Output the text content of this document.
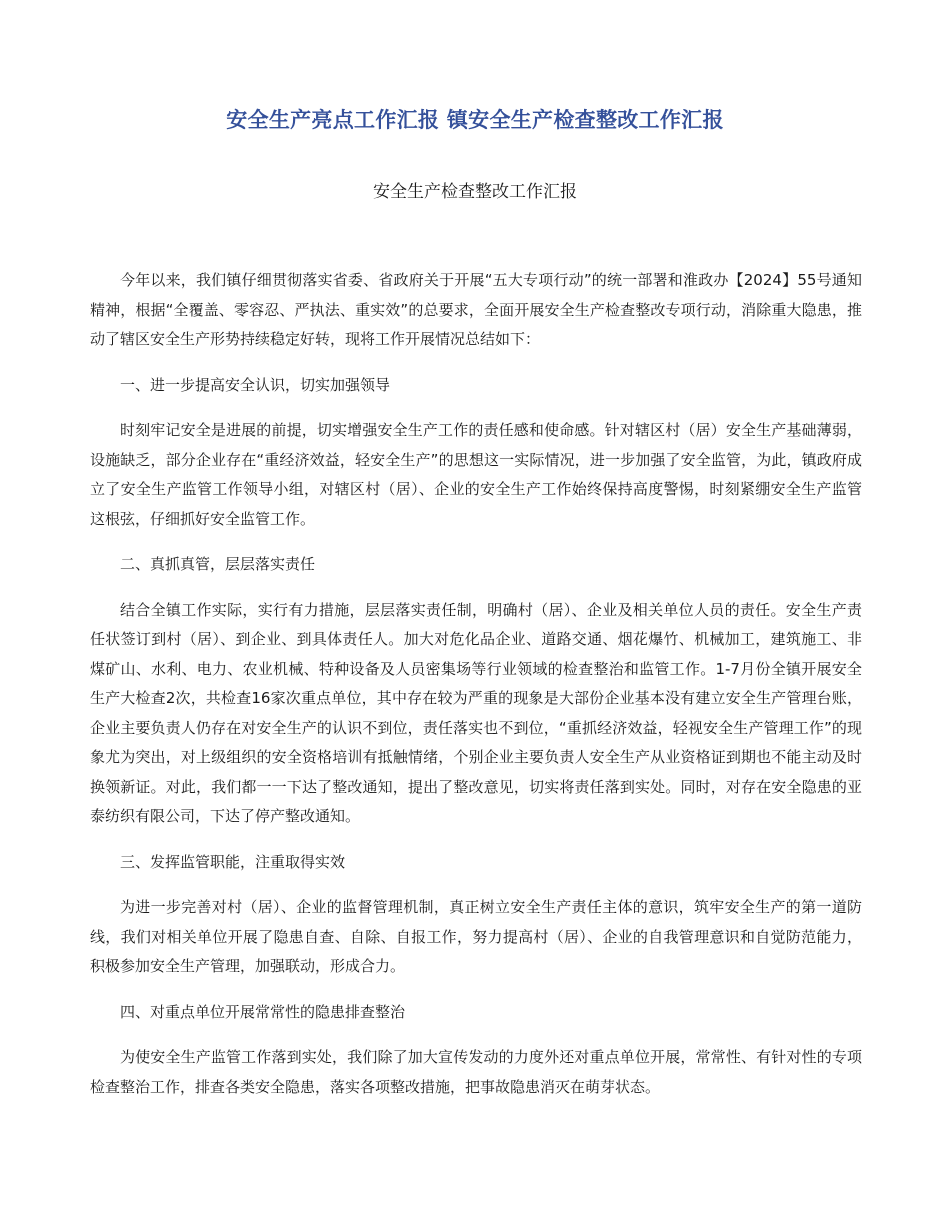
安全生产亮点工作汇报 镇安全生产检查整改工作汇报
安全生产检查整改工作汇报

今年以来，我们镇仔细贯彻落实省委、省政府关于开展“五大专项行动”的统一部署和淮政办【2024】55号通知精神，根据“全覆盖、零容忍、严执法、重实效”的总要求，全面开展安全生产检查整改专项行动，消除重大隐患，推动了辖区安全生产形势持续稳定好转，现将工作开展情况总结如下：

一、进一步提高安全认识，切实加强领导

时刻牢记安全是进展的前提，切实增强安全生产工作的责任感和使命感。针对辖区村（居）安全生产基础薄弱，设施缺乏，部分企业存在“重经济效益，轻安全生产”的思想这一实际情况，进一步加强了安全监管，为此，镇政府成立了安全生产监管工作领导小组，对辖区村（居）、企业的安全生产工作始终保持高度警惕，时刻紧绷安全生产监管这根弦，仔细抓好安全监管工作。

二、真抓真管，层层落实责任

结合全镇工作实际，实行有力措施，层层落实责任制，明确村（居）、企业及相关单位人员的责任。安全生产责任状签订到村（居）、到企业、到具体责任人。加大对危化品企业、道路交通、烟花爆竹、机械加工，建筑施工、非煤矿山、水利、电力、农业机械、特种设备及人员密集场等行业领域的检查整治和监管工作。1-7月份全镇开展安全生产大检查2次，共检查16家次重点单位，其中存在较为严重的现象是大部份企业基本没有建立安全生产管理台账，企业主要负责人仍存在对安全生产的认识不到位，责任落实也不到位，“重抓经济效益，轻视安全生产管理工作”的现象尤为突出，对上级组织的安全资格培训有抵触情绪，个别企业主要负责人安全生产从业资格证到期也不能主动及时换领新证。对此，我们都一一下达了整改通知，提出了整改意见，切实将责任落到实处。同时，对存在安全隐患的亚泰纺织有限公司，下达了停产整改通知。

三、发挥监管职能，注重取得实效

为进一步完善对村（居）、企业的监督管理机制，真正树立安全生产责任主体的意识，筑牢安全生产的第一道防线，我们对相关单位开展了隐患自查、自除、自报工作，努力提高村（居）、企业的自我管理意识和自觉防范能力，积极参加安全生产管理，加强联动，形成合力。

四、对重点单位开展常常性的隐患排查整治

为使安全生产监管工作落到实处，我们除了加大宣传发动的力度外还对重点单位开展，常常性、有针对性的专项检查整治工作，排查各类安全隐患，落实各项整改措施，把事故隐患消灭在萌芽状态。
